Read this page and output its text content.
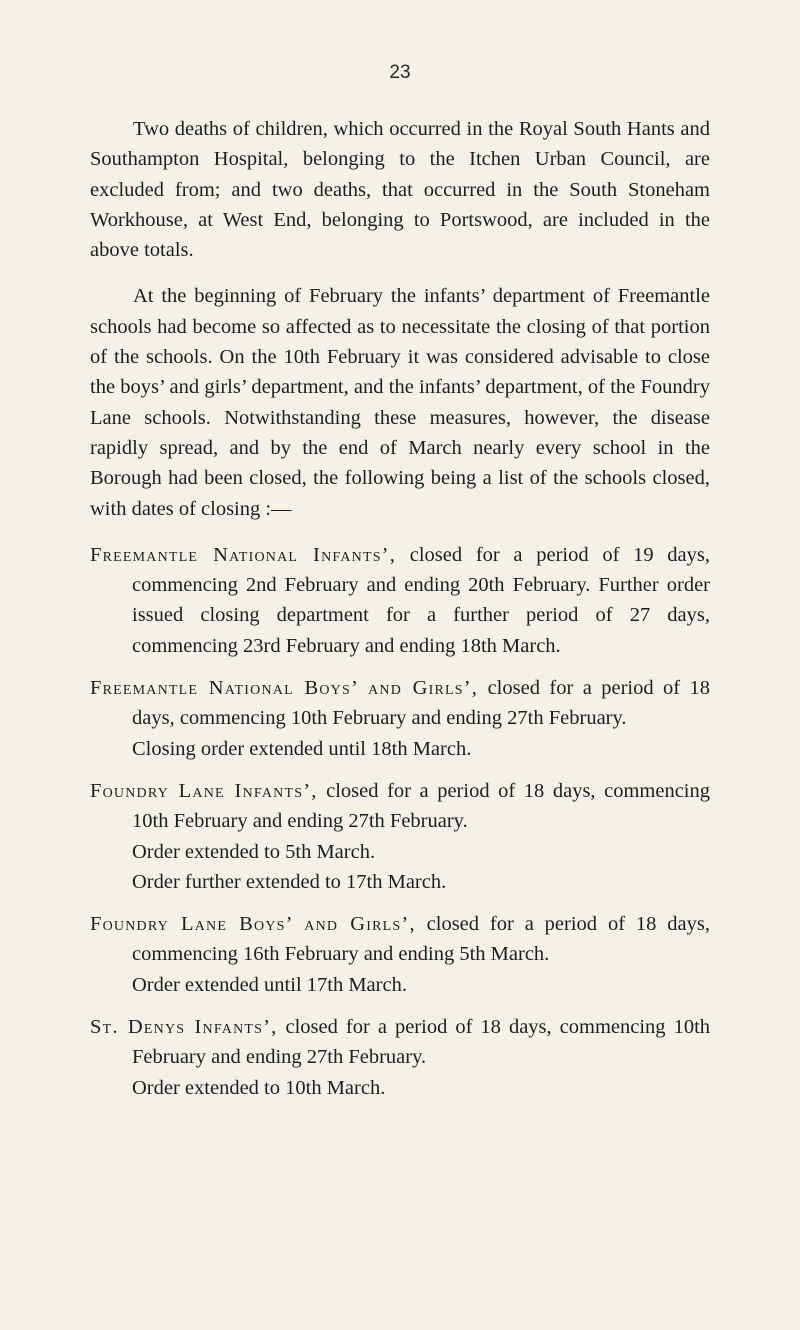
23

Two deaths of children, which occurred in the Royal South Hants and Southampton Hospital, belonging to the Itchen Urban Council, are excluded from; and two deaths, that occurred in the South Stoneham Workhouse, at West End, belonging to Portswood, are included in the above totals.

At the beginning of February the infants’ department of Freemantle schools had become so affected as to necessitate the closing of that portion of the schools. On the 10th February it was considered advisable to close the boys’ and girls’ department, and the infants’ department, of the Foundry Lane schools. Notwithstanding these measures, however, the disease rapidly spread, and by the end of March nearly every school in the Borough had been closed, the following being a list of the schools closed, with dates of closing :—

Freemantle National Infants’, closed for a period of 19 days, commencing 2nd February and ending 20th February. Further order issued closing department for a further period of 27 days, commencing 23rd February and ending 18th March.
Freemantle National Boys’ and Girls’, closed for a period of 18 days, commencing 10th February and ending 27th February.
Closing order extended until 18th March.
Foundry Lane Infants’, closed for a period of 18 days, commencing 10th February and ending 27th February.
Order extended to 5th March.
Order further extended to 17th March.
Foundry Lane Boys’ and Girls’, closed for a period of 18 days, commencing 16th February and ending 5th March.
Order extended until 17th March.
St. Denys Infants’, closed for a period of 18 days, commencing 10th February and ending 27th February.
Order extended to 10th March.
